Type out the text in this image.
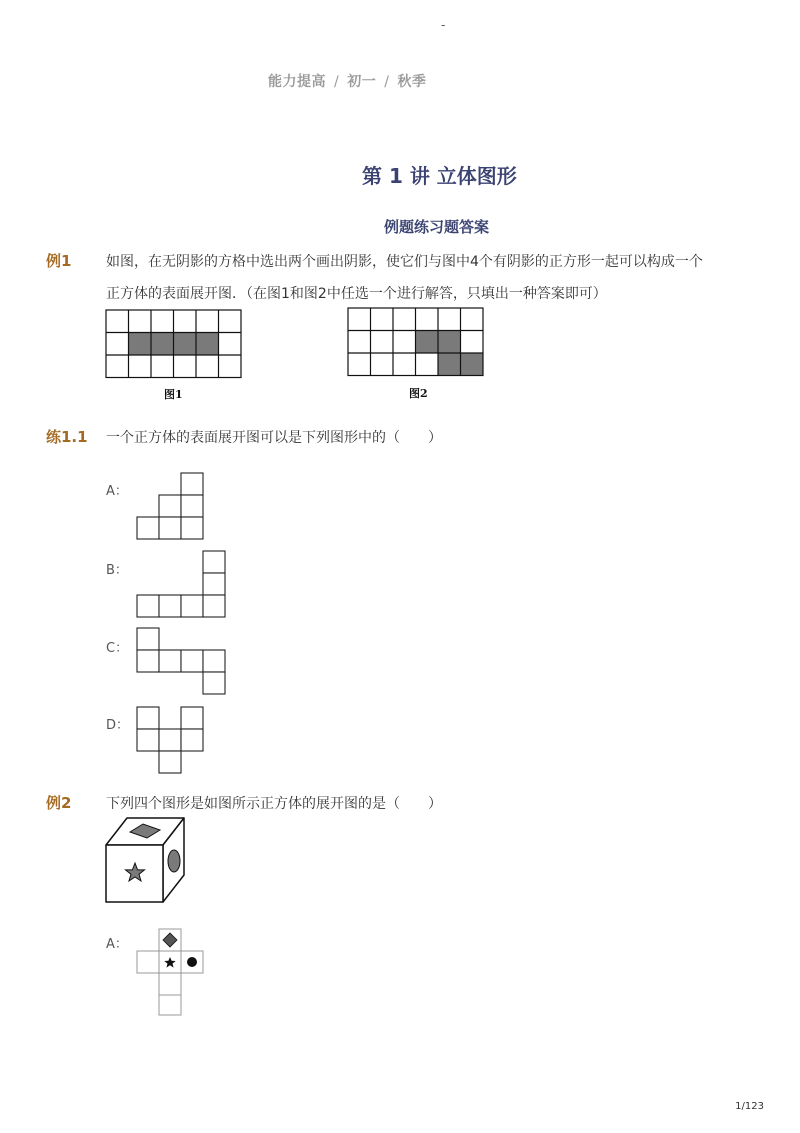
-
能力提高 / 初一 / 秋季
第 1 讲 立体图形
例题练习题答案
例1 如图，在无阴影的方格中选出两个画出阴影，使它们与图中4个有阴影的正方形一起可以构成一个
正方体的表面展开图．（在图1和图2中任选一个进行解答，只填出一种答案即可）
图1	图2
练1.1 一个正方体的表面展开图可以是下列图形中的（　　）
A：
B：
C：
D：
例2 下列四个图形是如图所示正方体的展开图的是（　　）
A：
1/123
